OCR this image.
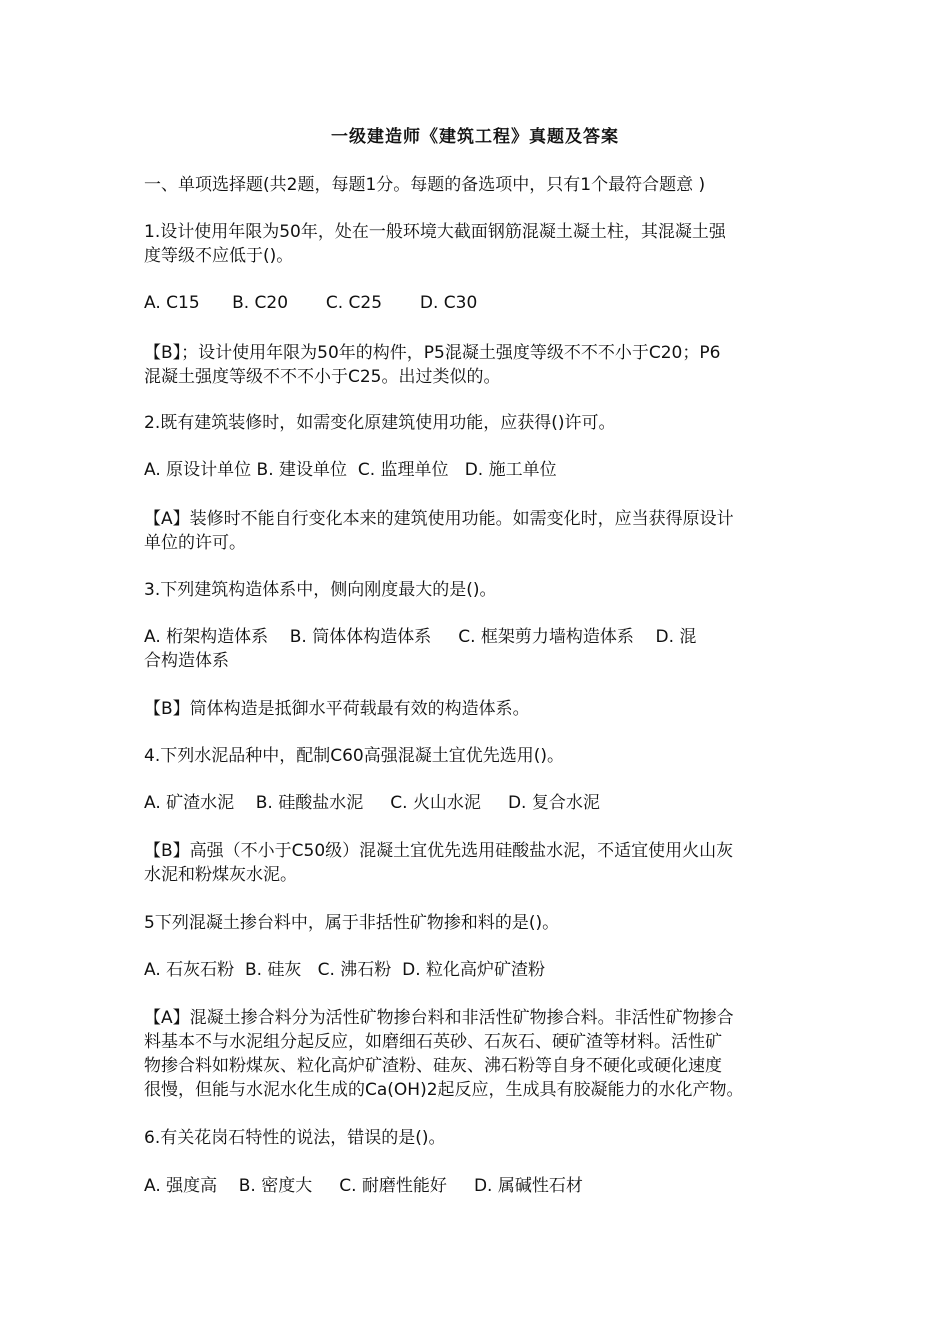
一级建造师《建筑工程》真题及答案
一、单项选择题(共2题，每题1分。每题的备选项中，只有1个最符合题意 )
1.设计使用年限为50年，处在一般环境大截面钢筋混凝土凝土柱，其混凝土强
度等级不应低于()。
A. C15      B. C20       C. C25       D. C30
【B】；设计使用年限为50年的构件，P5混凝土强度等级不不不小于C20；P6
混凝土强度等级不不不小于C25。出过类似的。
2.既有建筑装修时，如需变化原建筑使用功能，应获得()许可。
A. 原设计单位 B. 建设单位  C. 监理单位   D. 施工单位
【A】装修时不能自行变化本来的建筑使用功能。如需变化时，应当获得原设计
单位的许可。
3.下列建筑构造体系中，侧向刚度最大的是()。
A. 桁架构造体系    B. 筒体体构造体系     C. 框架剪力墙构造体系    D. 混
合构造体系
【B】筒体构造是抵御水平荷载最有效的构造体系。
4.下列水泥品种中，配制C60高强混凝土宜优先选用()。
A. 矿渣水泥    B. 硅酸盐水泥     C. 火山水泥     D. 复合水泥
【B】高强（不小于C50级）混凝土宜优先选用硅酸盐水泥，不适宜使用火山灰
水泥和粉煤灰水泥。
5下列混凝土掺台料中，属于非括性矿物掺和料的是()。
A. 石灰石粉  B. 硅灰   C. 沸石粉  D. 粒化高炉矿渣粉
【A】混凝土掺合料分为活性矿物掺台料和非活性矿物掺合料。非活性矿物掺合
料基本不与水泥组分起反应，如磨细石英砂、石灰石、硬矿渣等材料。活性矿
物掺合料如粉煤灰、粒化高炉矿渣粉、硅灰、沸石粉等自身不硬化或硬化速度
很慢，但能与水泥水化生成的Ca(OH)2起反应，生成具有胶凝能力的水化产物。
6.有关花岗石特性的说法，错误的是()。
A. 强度高    B. 密度大     C. 耐磨性能好     D. 属碱性石材
